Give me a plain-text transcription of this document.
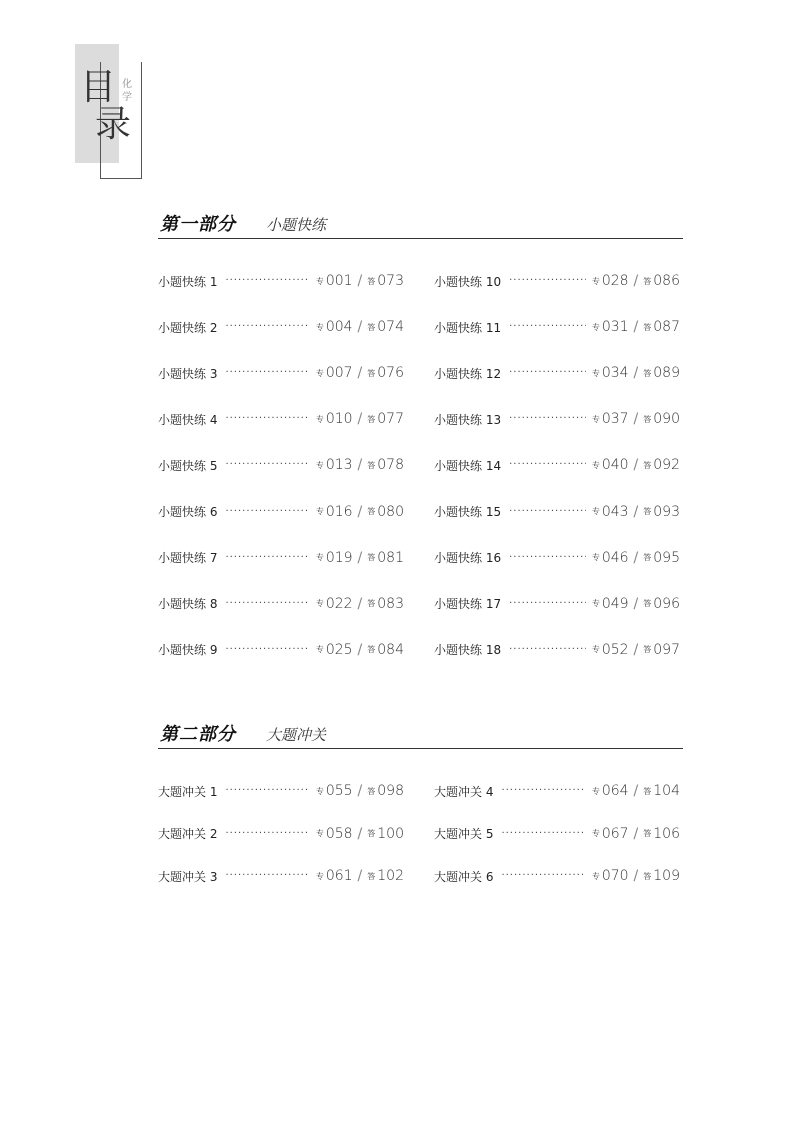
目
录
化学
第一部分 小题快练
小题快练 1 ·····	专 001 / 答 073
小题快练 2 ·····	专 004 / 答 074
小题快练 3 ·····	专 007 / 答 076
小题快练 4 ·····	专 010 / 答 077
小题快练 5 ·····	专 013 / 答 078
小题快练 6 ·····	专 016 / 答 080
小题快练 7 ·····	专 019 / 答 081
小题快练 8 ·····	专 022 / 答 083
小题快练 9 ·····	专 025 / 答 084
小题快练 10 ·····	专 028 / 答 086
小题快练 11 ·····	专 031 / 答 087
小题快练 12 ·····	专 034 / 答 089
小题快练 13 ·····	专 037 / 答 090
小题快练 14 ·····	专 040 / 答 092
小题快练 15 ·····	专 043 / 答 093
小题快练 16 ·····	专 046 / 答 095
小题快练 17 ·····	专 049 / 答 096
小题快练 18 ·····	专 052 / 答 097
第二部分 大题冲关
大题冲关 1 ·····	专 055 / 答 098
大题冲关 2 ·····	专 058 / 答 100
大题冲关 3 ·····	专 061 / 答 102
大题冲关 4 ·····	专 064 / 答 104
大题冲关 5 ·····	专 067 / 答 106
大题冲关 6 ·····	专 070 / 答 109
